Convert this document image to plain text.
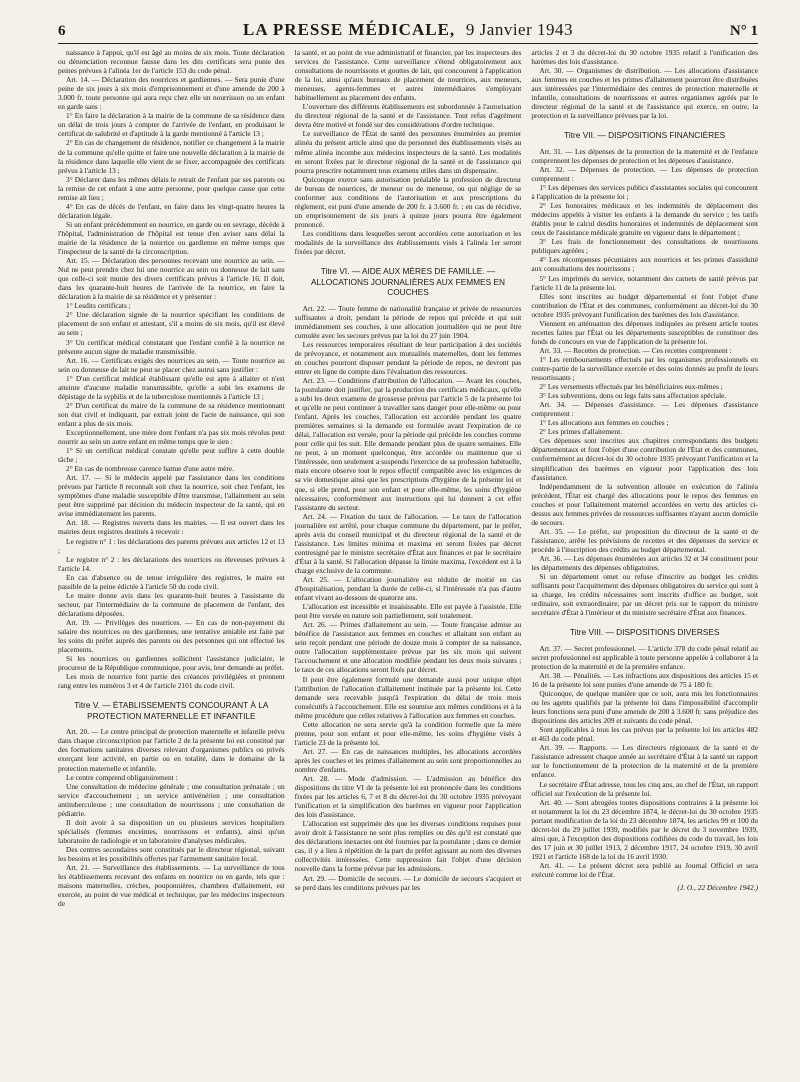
6	LA PRESSE MÉDICALE, 9 Janvier 1943	N° 1

naissance à l'appui, qu'il est âgé au moins de six mois. Toute déclaration ou dénonciation reconnue fausse dans les dits certificats sera punie des peines prévues à l'alinéa 1er de l'article 153 du code pénal.

Art. 14. — Déclaration des nourrices et gardiennes. — Sera punie d'une peine de six jours à six mois d'emprisonnement et d'une amende de 200 à 3.000 fr. toute personne qui aura reçu chez elle un nourrisson ou un enfant en garde sans :

1° En faire la déclaration à la mairie de la commune de sa résidence dans un délai de trois jours à compter de l'arrivée de l'enfant, en produisant le certificat de salubrité et d'aptitude à la garde mentionné à l'article 13 ;

2° En cas de changement de résidence, notifier ce changement à la mairie de la commune qu'elle quitte et faire une nouvelle déclaration à la mairie de la résidence dans laquelle elle vient de se fixer, accompagnée des certificats prévus à l'article 13 ;

3° Déclarer dans les mêmes délais le retrait de l'enfant par ses parents ou la remise de cet enfant à une autre personne, pour quelque cause que cette remise ait lieu ;

4° En cas de décès de l'enfant, en faire dans les vingt-quatre heures la déclaration légale.

Si un enfant précédemment en nourrice, en garde ou en sevrage, décède à l'hôpital, l'administration de l'hôpital est tenue d'en aviser sans délai la mairie de la résidence de la nourrice ou gardienne en même temps que l'inspecteur de la santé de la circonscription.

Art. 15. — Déclaration des personnes recevant une nourrice au sein. — Nul ne peut prendre chez lui une nourrice au sein ou donneuse de lait sans que celle-ci soit munie des divers certificats prévus à l'article 16. Il doit, dans les quarante-huit heures de l'arrivée de la nourrice, en faire la déclaration à la mairie de sa résidence et y présenter :

1° Lesdits certificats ;

2° Une déclaration signée de la nourrice spécifiant les conditions de placement de son enfant et attestant, s'il a moins de six mois, qu'il est élevé au sein ;

3° Un certificat médical constatant que l'enfant confié à la nourrice ne présente aucun signe de maladie transmissible.

Art. 16. — Certificats exigés des nourrices au sein. — Toute nourrice au sein ou donneuse de lait ne peut se placer chez autrui sans justifier :

1° D'un certificat médical établissant qu'elle est apte à allaiter et n'est atteinte d'aucune maladie transmissible, qu'elle a subi les examens de dépistage de la syphilis et de la tuberculose mentionnés à l'article 13 ;

2° D'un certificat du maire de la commune de sa résidence mentionnant son état civil et indiquant, par extrait joint de l'acte de naissance, qui son enfant a plus de six mois.

Exceptionnellement, une mère dont l'enfant n'a pas six mois révolus peut nourrir au sein un autre enfant en même temps que le sien :

1° Si un certificat médical constate qu'elle peut suffire à cette double tâche ;

2° En cas de nombreuse carence battue d'une autre mère.

Art. 17. — Si le médecin appelé par l'assistance dans les conditions prévues par l'article 8 reconnaît soit chez la nourrice, soit chez l'enfant, les symptômes d'une maladie susceptible d'être transmise, l'allaitement au sein peut être supprimé par décision du médecin inspecteur de la santé, qui en avise immédiatement les parents.

Art. 18. — Registres ouverts dans les mairies. — Il est ouvert dans les mairies deux registres destinés à recevoir :

Le registre n° 1 : les déclarations des parents prévues aux articles 12 et 13 ;

Le registre n° 2 : les déclarations des nourrices ou éleveuses prévues à l'article 14.

En cas d'absence ou de tenue irrégulière des registres, le maire est passible de la peine édictée à l'article 50 du code civil.

Le maire donne avis dans les quarante-huit heures à l'assistante du secteur, par l'intermédiaire de la commune de placement de l'enfant, des déclarations déposées.

Art. 19. — Privilèges des nourrices. — En cas de non-payement du salaire des nourrices ou des gardiennes, une tentative amiable est faite par les soins du préfet auprès des parents ou des personnes qui ont effectué les placements.

Si les nourrices ou gardiennes sollicitent l'assistance judiciaire, le procureur de la République communique, pour avis, leur demande au préfet.

Les mois de nourrice font partie des créances privilégiées et prennent rang entre les numéros 3 et 4 de l'article 2101 du code civil.

Titre V. — ÉTABLISSEMENTS CONCOURANT À LA PROTECTION MATERNELLE ET INFANTILE

Art. 20. — Le centre principal de protection maternelle et infantile prévu dans chaque circonscription par l'article 2 de la présente loi est constitué par des formations sanitaires diverses relevant d'organismes publics ou privés exerçant leur activité, en partie ou en totalité, dans le domaine de la protection maternelle et infantile.

Le centre comprend obligatoirement :

Une consultation de médecine générale ; une consultation prénatale ; un service d'accouchement ; un service antivénérien ; une consultation antituberculeuse ; une consultation de nourrissons ; une consultation de pédiatrie.

Il doit avoir à sa disposition un ou plusieurs services hospitaliers spécialisés (femmes enceintes, nourrissons et enfants), ainsi qu'un laboratoire de radiologie et un laboratoire d'analyses médicales.

Des centres secondaires sont constitués par le directeur régional, suivant les besoins et les possibilités offertes par l'armement sanitaire local.

Art. 21. — Surveillance des établissements. — La surveillance de tous les établissements recevant des enfants en nourrice ou en garde, tels que : maisons maternelles, crèches, pouponnières, chambres d'allaitement, est exercée, au point de vue médical et technique, par les médecins inspecteurs de

la santé, et au point de vue administratif et financier, par les inspecteurs des services de l'assistance. Cette surveillance s'étend obligatoirement aux consultations de nourrissons et gouttes de lait, qui concourent à l'application de la loi, ainsi qu'aux bureaux de placement de nourrices, aux meneurs, meneuses, agents-femmes et autres intermédiaires s'employant habituellement au placement des enfants.

L'ouverture des différents établissements est subordonnée à l'autorisation du directeur régional de la santé et de l'assistance. Tout refus d'agrément devra être motivé et fondé sur des considérations d'ordre technique.

Le surveillance de l'État de santé des personnes énumérées au premier alinéa du présent article ainsi que du personnel des établissements visés au même alinéa incombe aux médecins inspecteurs de la santé. Les modalités en seront fixées par le directeur régional de la santé et de l'assistance qui pourra prescrire notamment tous examens utiles dans un dispensaire.

Quiconque exerce sans autorisation préalable la profession de directeur de bureau de nourrices, de meneur ou de meneuse, ou qui néglige de se conformer aux conditions de l'autorisation et aux prescriptions du règlement, est puni d'une amende de 200 fr. à 3.600 fr. ; en cas de récidive, un emprisonnement de six jours à quinze jours pourra être également prononcé.

Les conditions dans lesquelles seront accordées cette autorisation et les modalités de la surveillance des établissements visés à l'alinéa 1er seront fixées par décret.

Titre VI. — AIDE AUX MÈRES DE FAMILLE. — ALLOCATIONS JOURNALIÈRES AUX FEMMES EN COUCHES

Art. 22. — Toute femme de nationalité française et privée de ressources suffisantes a droit, pendant la période de repos qui précède et qui suit immédiatement ses couches, à une allocation journalière qui ne peut être cumulée avec les secours prévus par la loi du 27 juin 1904.

Les ressources temporaires résultant de leur participation à des sociétés de prévoyance, et notamment aux mutualités maternelles, dont les femmes en couches pourront disposer pendant la période de repos, ne devront pas entrer en ligne de compte dans l'évaluation des ressources.

Art. 23. — Conditions d'attribution de l'allocation. — Avant les couches, la postulante doit justifier, par la production des certificats médicaux, qu'elle a subi les deux examens de grossesse prévus par l'article 5 de la présente loi et qu'elle ne peut continuer à travailler sans danger pour elle-même ou pour l'enfant. Après les couches, l'allocation est accordée pendant les quatre premières semaines si la demande est formulée avant l'expiration de ce délai, l'allocation est versée, pour la période qui précède les couches comme pour celle qui les suit. Elle demande pendant plus de quatre semaines. Elle ne peut, à un moment quelconque, être accordée ou maintenue que si l'intéressée, non seulement a suspendu l'exercice de sa profession habituelle, mais encore observe tout le repos effectif compatible avec les exigences de sa vie domestique ainsi que les prescriptions d'hygiène de la présente loi et que, si elle prend, pour son enfant et pour elle-même, les soins d'hygiène nécessaires, conformément aux instructions qui lui donnent à cet effet l'assistante du secteur.

Art. 24. — Fixation du taux de l'allocation. — Le taux de l'allocation journalière est arrêté, pour chaque commune du département, par le préfet, après avis du conseil municipal et du directeur régional de la santé et de l'assistance. Les limites minima et maxima en seront fixées par décret contresigné par le ministre secrétaire d'État aux finances et par le secrétaire d'État à la santé. Si l'allocation dépasse la limite maxima, l'excédent est à la charge exclusive de la commune.

Art. 25. — L'allocation journalière est réduite de moitié en cas d'hospitalisation, pendant la durée de celle-ci, si l'intéressée n'a pas d'autre enfant vivant au-dessous de quatorze ans.

L'allocation est incessible et insaisissable. Elle est payée à l'assistée. Elle peut être versée en nature soit partiellement, soit totalement.

Art. 26. — Primes d'allaitement au sein. — Toute française admise au bénéfice de l'assistance aux femmes en couches et allaitant son enfant au sein reçoit pendant une période de douze mois à compter de sa naissance, outre l'allocation supplémentaire prévue par les six mois qui suivent l'accouchement et une allocation modifiée pendant les deux mois suivants ; le taux de ces allocations seront fixés par décret.

Il peut être également formulé une demande aussi pour unique objet l'attribution de l'allocation d'allaitement instituée par la présente loi. Cette demande sera recevable jusqu'à l'expiration du délai de trois mois consécutifs à l'accouchement. Elle est soumise aux mêmes conditions et à la même procédure que celles relatives à l'allocation aux femmes en couches.

Cette allocation ne sera servie qu'à la condition formelle que la mère prenne, pour son enfant et pour elle-même, les soins d'hygiène visés à l'article 23 de la présente loi.

Art. 27. — En cas de naissances multiples, les allocations accordées après les couches et les primes d'allaitement au sein sont proportionnelles au nombre d'enfants.

Art. 28. — Mode d'admission. — L'admission au bénéfice des dispositions du titre VI de la présente loi est prononcée dans les conditions fixées par les articles 6, 7 et 8 du décret-loi du 30 octobre 1935 prévoyant l'unification et la simplification des barèmes en vigueur pour l'application des lois d'assistance.

L'allocation est supprimée dès que les diverses conditions requises pour avoir droit à l'assistance ne sont plus remplies ou dès qu'il est constaté que des déclarations inexactes ont été fournies par la postulante ; dans ce dernier cas, il y a lieu à répétition de la part du préfet agissant au nom des diverses collectivités intéressées. Cette suppression fait l'objet d'une décision nouvelle dans la forme prévue par les admissions.

Art. 29. — Domicile de secours. — Le domicile de secours s'acquiert et se perd dans les conditions prévues par les

articles 2 et 3 du décret-loi du 30 octobre 1935 relatif à l'unification des barèmes des lois d'assistance.

Art. 30. — Organismes de distribution. — Les allocations d'assistance aux femmes en couches et les primes d'allaitement pourront être distribuées aux intéressées par l'intermédiaire des centres de protection maternelle et infantile, consultations de nourrissons et autres organismes agréés par le directeur régional de la santé et de l'assistance qui exerce, en outre, la protection et la surveillance prévues par la loi.

Titre VII. — DISPOSITIONS FINANCIÈRES

Art. 31. — Les dépenses de la protection de la maternité et de l'enfance comprennent les dépenses de protection et les dépenses d'assistance.

Art. 32. — Dépenses de protection. — Les dépenses de protection comprennent :

1° Les dépenses des services publics d'assistantes sociales qui concourent à l'application de la présente loi ;

2° Les honoraires médicaux et les indemnités de déplacement des médecins appelés à visiter les enfants à la demande du service ; les tarifs établis pour le calcul desdits honoraires et indemnités de déplacement sont ceux de l'assistance médicale gratuite en vigueur dans le département ;

3° Les frais de fonctionnement des consultations de nourrissons publiques agréées ;

4° Les récompenses pécuniaires aux nourrices et les primes d'assiduité aux consultations des nourrissons ;

5° Les imprimés du service, notamment des carnets de santé prévus par l'article 11 de la présente loi.

Elles sont inscrites au budget départemental et font l'objet d'une contribution de l'État et des communes, conformément au décret-loi du 30 octobre 1935 prévoyant l'unification des barèmes des lois d'assistance.

Viennent en atténuation des dépenses indiquées au présent article toutes recettes faites par l'État ou les départements susceptibles de constituer des fonds de concours en vue de l'application de la présente loi.

Art. 33. — Recettes de protection. — Ces recettes comprennent :

1° Les remboursements effectués par les organismes professionnels en contre-partie de la surveillance exercée et des soins donnés au profit de leurs ressortissants ;

2° Les versements effectués par les bénéficiaires eux-mêmes ;

3° Les subventions, dons ou legs faits sans affectation spéciale.

Art. 34. — Dépenses d'assistance. — Les dépenses d'assistance comprennent :

1° Les allocations aux femmes en couches ;

2° Les primes d'allaitement.

Ces dépenses sont inscrites aux chapitres correspondants des budgets départementaux et font l'objet d'une contribution de l'État et des communes, conformément au décret-loi du 30 octobre 1935 prévoyant l'unification et la simplification des barèmes en vigueur pour l'application des lois d'assistance.

Indépendamment de la subvention allouée en exécution de l'alinéa précédent, l'État est chargé des allocations pour le repos des femmes en couches et pour l'allaitement maternel accordées en vertu des articles ci-dessus aux femmes privées de ressources suffisantes n'ayant aucun domicile de secours.

Art. 35. — Le préfet, sur proposition du directeur de la santé et de l'assistance, arrête les prévisions de recettes et des dépenses du service et procède à l'inscription des crédits au budget départemental.

Art. 36. — Les dépenses énumérées aux articles 32 et 34 constituent pour les départements des dépenses obligatoires.

Si un département omet ou refuse d'inscrire au budget les crédits suffisants pour l'acquittement des dépenses obligatoires du service qui sont à sa charge, les crédits nécessaires sont inscrits d'office au budget, soit ordinaire, soit extraordinaire, par un décret pris sur le rapport du ministre secrétaire d'État à l'intérieur et du ministre secrétaire d'État aux finances.

Titre VIII. — DISPOSITIONS DIVERSES

Art. 37. — Secret professionnel. — L'article 378 du code pénal relatif au secret professionnel est applicable à toute personne appelée à collaborer à la protection de la maternité et de la première enfance.

Art. 38. — Pénalités. — Les infractions aux dispositions des articles 15 et 16 de la présente loi sont punies d'une amende de 75 à 180 fr.

Quiconque, de quelque manière que ce soit, aura mis les fonctionnaires ou les agents qualifiés par la présente loi dans l'impossibilité d'accomplir leurs fonctions sera puni d'une amende de 200 à 3.600 fr. sans préjudice des dispositions des articles 209 et suivants du code pénal.

Sont applicables à tous les cas prévus par la présente loi les articles 482 et 463 du code pénal.

Art. 39. — Rapports. — Les directeurs régionaux de la santé et de l'assistance adressent chaque année au secrétaire d'État à la santé un rapport sur le fonctionnement de la protection de la maternité et de la première enfance.

Le secrétaire d'État adresse, tous les cinq ans, au chef de l'État, un rapport officiel sur l'exécution de la présente loi.

Art. 40. — Sont abrogées toutes dispositions contraires à la présente loi et notamment la loi du 23 décembre 1874, le décret-loi du 30 octobre 1935 portant modification de la loi du 23 décembre 1874, les articles 99 et 100 du décret-loi du 29 juillet 1939, modifiés par le décret du 3 novembre 1939, ainsi que, à l'exception des dispositions codifiées du code du travail, les lois des 17 juin et 30 juillet 1913, 2 décembre 1917, 24 octobre 1919, 30 avril 1921 et l'article 168 de la loi du 16 avril 1930.

Art. 41. — Le présent décret sera publié au Journal Officiel et sera exécuté comme loi de l'État.

(J. O., 22 Décembre 1942.)
